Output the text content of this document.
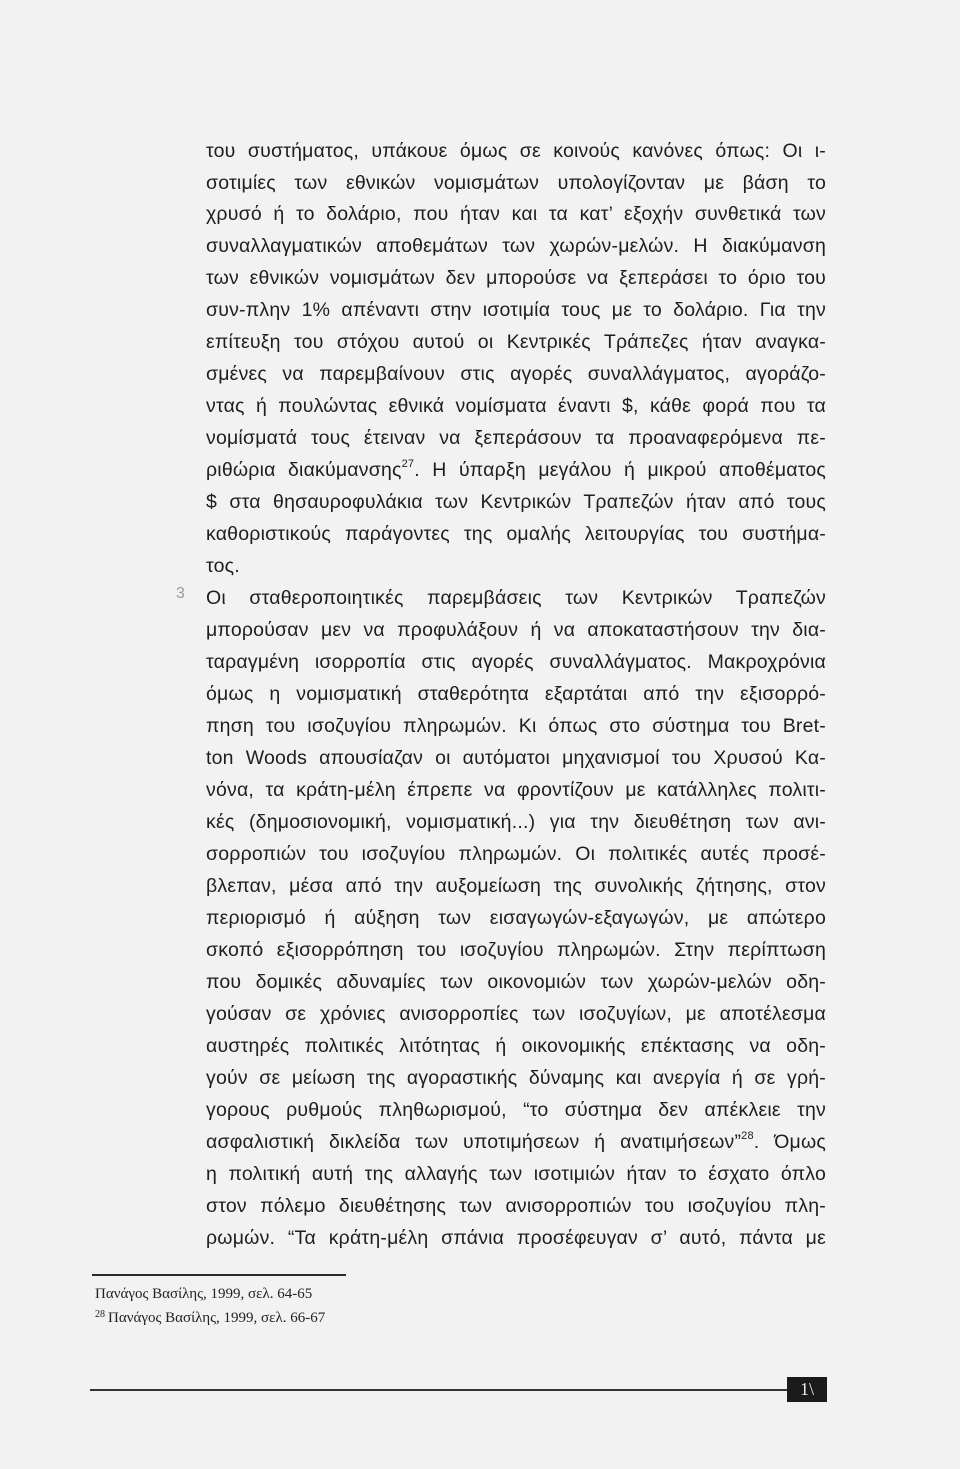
του συστήματος, υπάκουε όμως σε κοινούς κανόνες όπως: Οι ι-
σοτιμίες των εθνικών νομισμάτων υπολογίζονταν με βάση το
χρυσό ή το δολάριο, που ήταν και τα κατ’ εξοχήν συνθετικά των
συναλλαγματικών αποθεμάτων των χωρών-μελών. Η διακύμανση
των εθνικών νομισμάτων δεν μπορούσε να ξεπεράσει το όριο του
συν-πλην 1% απέναντι στην ισοτιμία τους με το δολάριο. Για την
επίτευξη του στόχου αυτού οι Κεντρικές Τράπεζες ήταν αναγκα-
σμένες να παρεμβαίνουν στις αγορές συναλλάγματος, αγοράζο-
ντας ή πουλώντας εθνικά νομίσματα έναντι $, κάθε φορά που τα
νομίσματά τους έτειναν να ξεπεράσουν τα προαναφερόμενα πε-
ριθώρια διακύμανσης$^{27}$. Η ύπαρξη μεγάλου ή μικρού αποθέματος
$ στα θησαυροφυλάκια των Κεντρικών Τραπεζών ήταν από τους
καθοριστικούς παράγοντες της ομαλής λειτουργίας του συστήμα-
τος.
3 Οι σταθεροποιητικές παρεμβάσεις των Κεντρικών Τραπεζών
μπορούσαν μεν να προφυλάξουν ή να αποκαταστήσουν την δια-
ταραγμένη ισορροπία στις αγορές συναλλάγματος. Μακροχρόνια
όμως η νομισματική σταθερότητα εξαρτάται από την εξισορρό-
πηση του ισοζυγίου πληρωμών. Κι όπως στο σύστημα του Bret-
ton Woods απουσίαζαν οι αυτόματοι μηχανισμοί του Χρυσού Κα-
νόνα, τα κράτη-μέλη έπρεπε να φροντίζουν με κατάλληλες πολιτι-
κές (δημοσιονομική, νομισματική...) για την διευθέτηση των ανι-
σορροπιών του ισοζυγίου πληρωμών. Οι πολιτικές αυτές προσέ-
βλεπαν, μέσα από την αυξομείωση της συνολικής ζήτησης, στον
περιορισμό ή αύξηση των εισαγωγών-εξαγωγών, με απώτερο
σκοπό εξισορρόπηση του ισοζυγίου πληρωμών. Στην περίπτωση
που δομικές αδυναμίες των οικονομιών των χωρών-μελών οδη-
γούσαν σε χρόνιες ανισορροπίες των ισοζυγίων, με αποτέλεσμα
αυστηρές πολιτικές λιτότητας ή οικονομικής επέκτασης να οδη-
γούν σε μείωση της αγοραστικής δύναμης και ανεργία ή σε γρή-
γορους ρυθμούς πληθωρισμού, “το σύστημα δεν απέκλειε την
ασφαλιστική δικλείδα των υποτιμήσεων ή ανατιμήσεων”$^{28}$. Όμως
η πολιτική αυτή της αλλαγής των ισοτιμιών ήταν το έσχατο όπλο
στον πόλεμο διευθέτησης των ανισορροπιών του ισοζυγίου πλη-
ρωμών. “Τα κράτη-μέλη σπάνια προσέφευγαν σ’ αυτό, πάντα με
Πανάγος Βασίλης, 1999, σελ. 64-65
$^{28}$ Πανάγος Βασίλης, 1999, σελ. 66-67
1\
